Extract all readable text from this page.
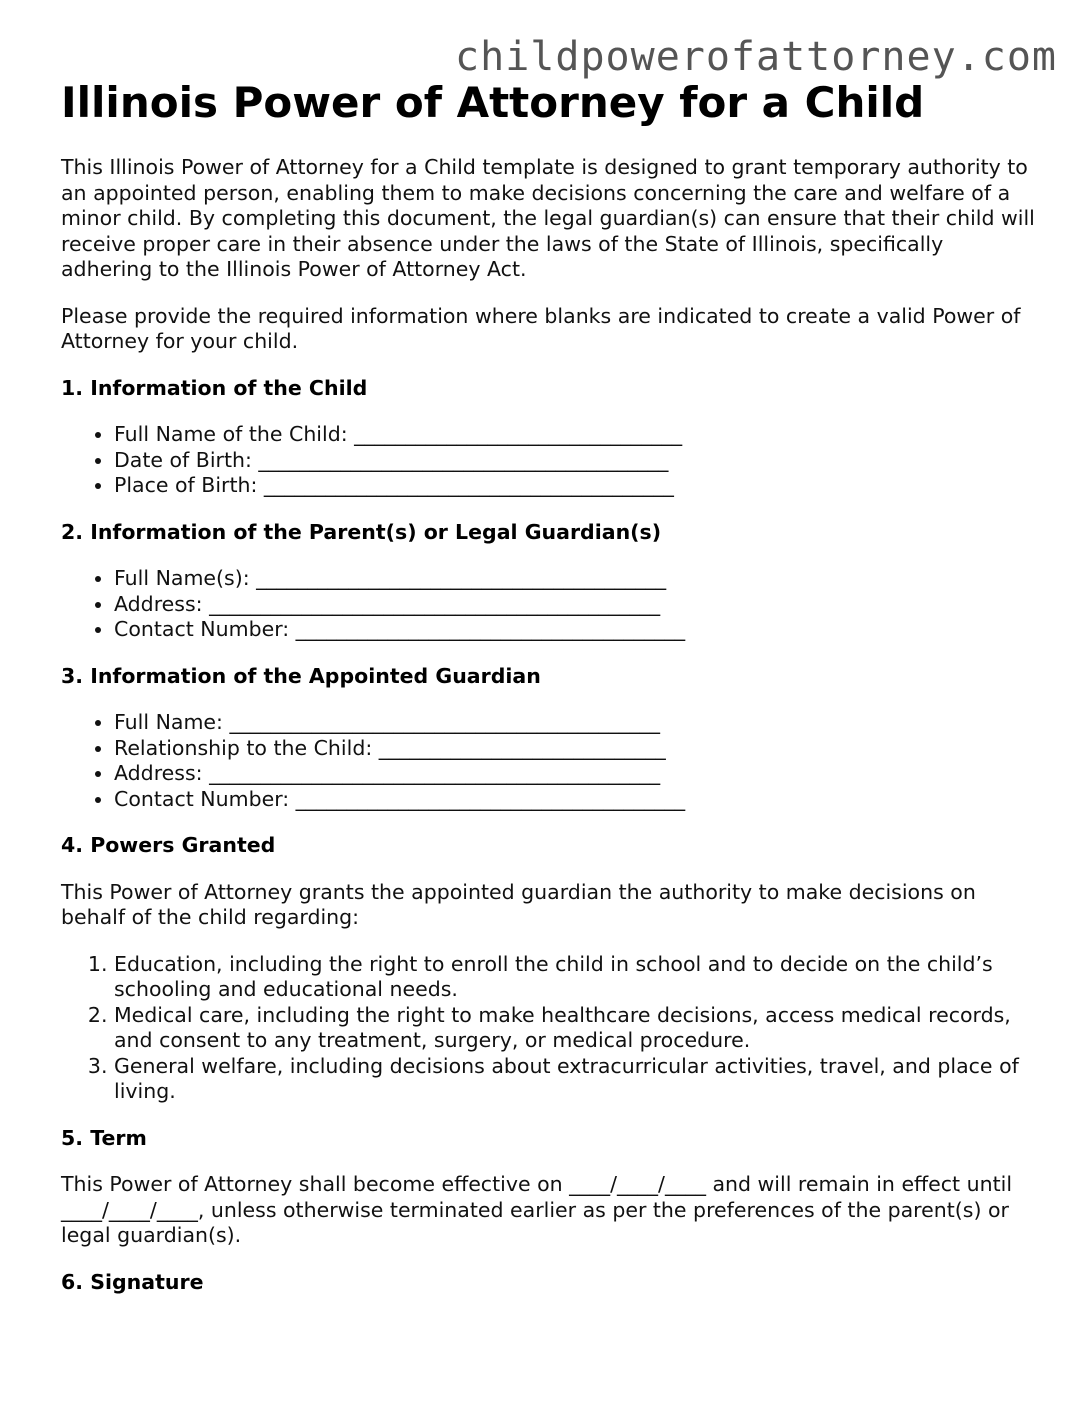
childpowerofattorney.com
Illinois Power of Attorney for a Child

This Illinois Power of Attorney for a Child template is designed to grant temporary authority to an appointed person, enabling them to make decisions concerning the care and welfare of a minor child. By completing this document, the legal guardian(s) can ensure that their child will receive proper care in their absence under the laws of the State of Illinois, specifically adhering to the Illinois Power of Attorney Act.

Please provide the required information where blanks are indicated to create a valid Power of Attorney for your child.

1. Information of the Child
• Full Name of the Child: ________________________________
• Date of Birth: ________________________________________
• Place of Birth: ________________________________________
2. Information of the Parent(s) or Legal Guardian(s)
• Full Name(s): ________________________________________
• Address: ____________________________________________
• Contact Number: ______________________________________
3. Information of the Appointed Guardian
• Full Name: __________________________________________
• Relationship to the Child: ____________________________
• Address: ____________________________________________
• Contact Number: ______________________________________
4. Powers Granted

This Power of Attorney grants the appointed guardian the authority to make decisions on behalf of the child regarding:

1. Education, including the right to enroll the child in school and to decide on the child’s schooling and educational needs.
2. Medical care, including the right to make healthcare decisions, access medical records, and consent to any treatment, surgery, or medical procedure.
3. General welfare, including decisions about extracurricular activities, travel, and place of living.
5. Term

This Power of Attorney shall become effective on ____/____/____ and will remain in effect until ____/____/____, unless otherwise terminated earlier as per the preferences of the parent(s) or legal guardian(s).

6. Signature
